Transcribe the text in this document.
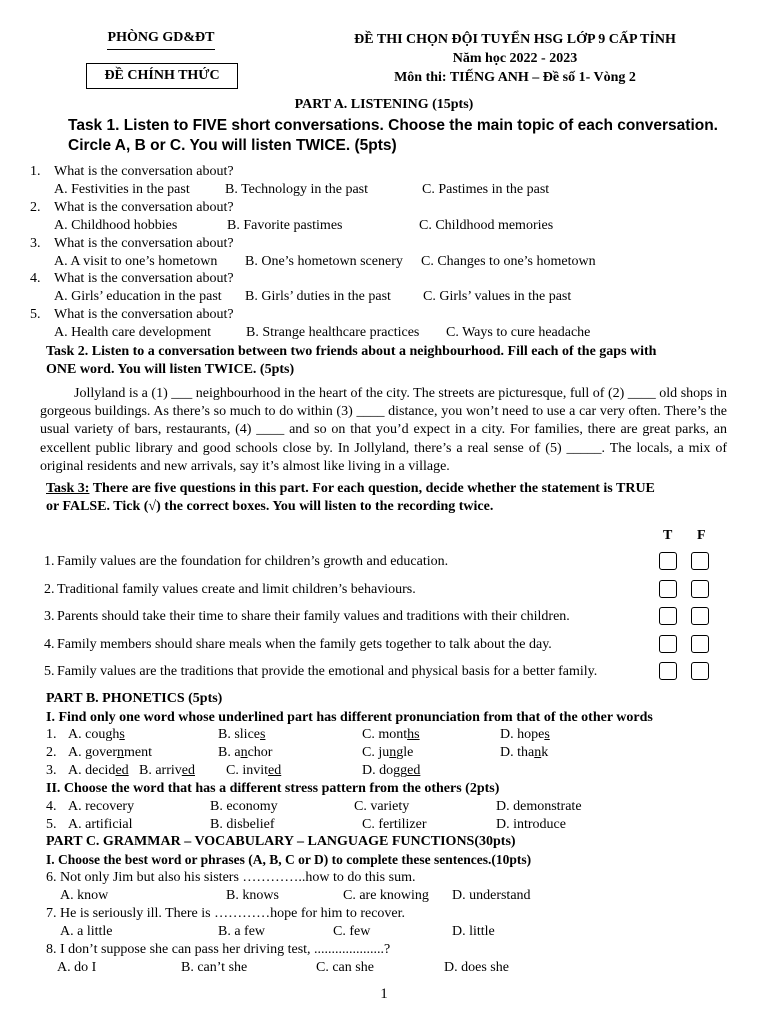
PHÒNG GD&ĐT
ĐỀ CHÍNH THỨC
ĐỀ THI CHỌN ĐỘI TUYỂN HSG LỚP 9 CẤP TỈNH
Năm học 2022 - 2023
Môn thi: TIẾNG ANH – Đề số 1- Vòng 2
PART A. LISTENING (15pts)
Task 1. Listen to FIVE short conversations. Choose the main topic of each conversation. Circle A, B or C. You will listen TWICE. (5pts)
1. What is the conversation about?
A. Festivities in the past	B. Technology in the past	C. Pastimes in the past
2. What is the conversation about?
A. Childhood hobbies	B. Favorite pastimes	C. Childhood memories
3. What is the conversation about?
A. A visit to one’s hometown B. One’s hometown scenery C. Changes to one’s hometown
4. What is the conversation about?
A. Girls’ education in the past B. Girls’ duties in the past C. Girls’ values in the past
5. What is the conversation about?
A. Health care development B. Strange healthcare practices C. Ways to cure headache
Task 2. Listen to a conversation between two friends about a neighbourhood. Fill each of the gaps with
ONE word. You will listen TWICE. (5pts)
Jollyland is a (1) ___ neighbourhood in the heart of the city. The streets are picturesque, full of (2) ____ old shops in gorgeous buildings. As there’s so much to do within (3) ____ distance, you won’t need to use a car very often. There’s the usual variety of bars, restaurants, (4) ____ and so on that you’d expect in a city. For families, there are great parks, an excellent public library and good schools close by. In Jollyland, there’s a real sense of (5) _____. The locals, a mix of original residents and new arrivals, say it’s almost like living in a village.
Task 3: There are five questions in this part. For each question, decide whether the statement is TRUE
or FALSE. Tick (√) the correct boxes. You will listen to the recording twice.
T F
1. Family values are the foundation for children’s growth and education.
2. Traditional family values create and limit children’s behaviours.
3. Parents should take their time to share their family values and traditions with their children.
4. Family members should share meals when the family gets together to talk about the day.
5. Family values are the traditions that provide the emotional and physical basis for a better family.
PART B. PHONETICS (5pts)
I. Find only one word whose underlined part has different pronunciation from that of the other words
1. A. coughs	B. slices	C. months	D. hopes
2. A. government	B. anchor	C. jungle	D. thank
3. A. decided B. arrived C. invited	D. dogged
II. Choose the word that has a different stress pattern from the others (2pts)
4. A. recovery	B. economy	C. variety	D. demonstrate
5. A. artificial	B. disbelief	C. fertilizer	D. introduce
PART C. GRAMMAR – VOCABULARY – LANGUAGE FUNCTIONS(30pts)
I. Choose the best word or phrases (A, B, C or D) to complete these sentences.(10pts)
6. Not only Jim but also his sisters …………..how to do this sum.
A. know	B. knows	C. are knowing D. understand
7. He is seriously ill. There is …………hope for him to recover.
A. a little	B. a few	C. few	D. little
8. I don’t suppose she can pass her driving test, ....................?
A. do I	B. can’t she	C. can she	D. does she
1
